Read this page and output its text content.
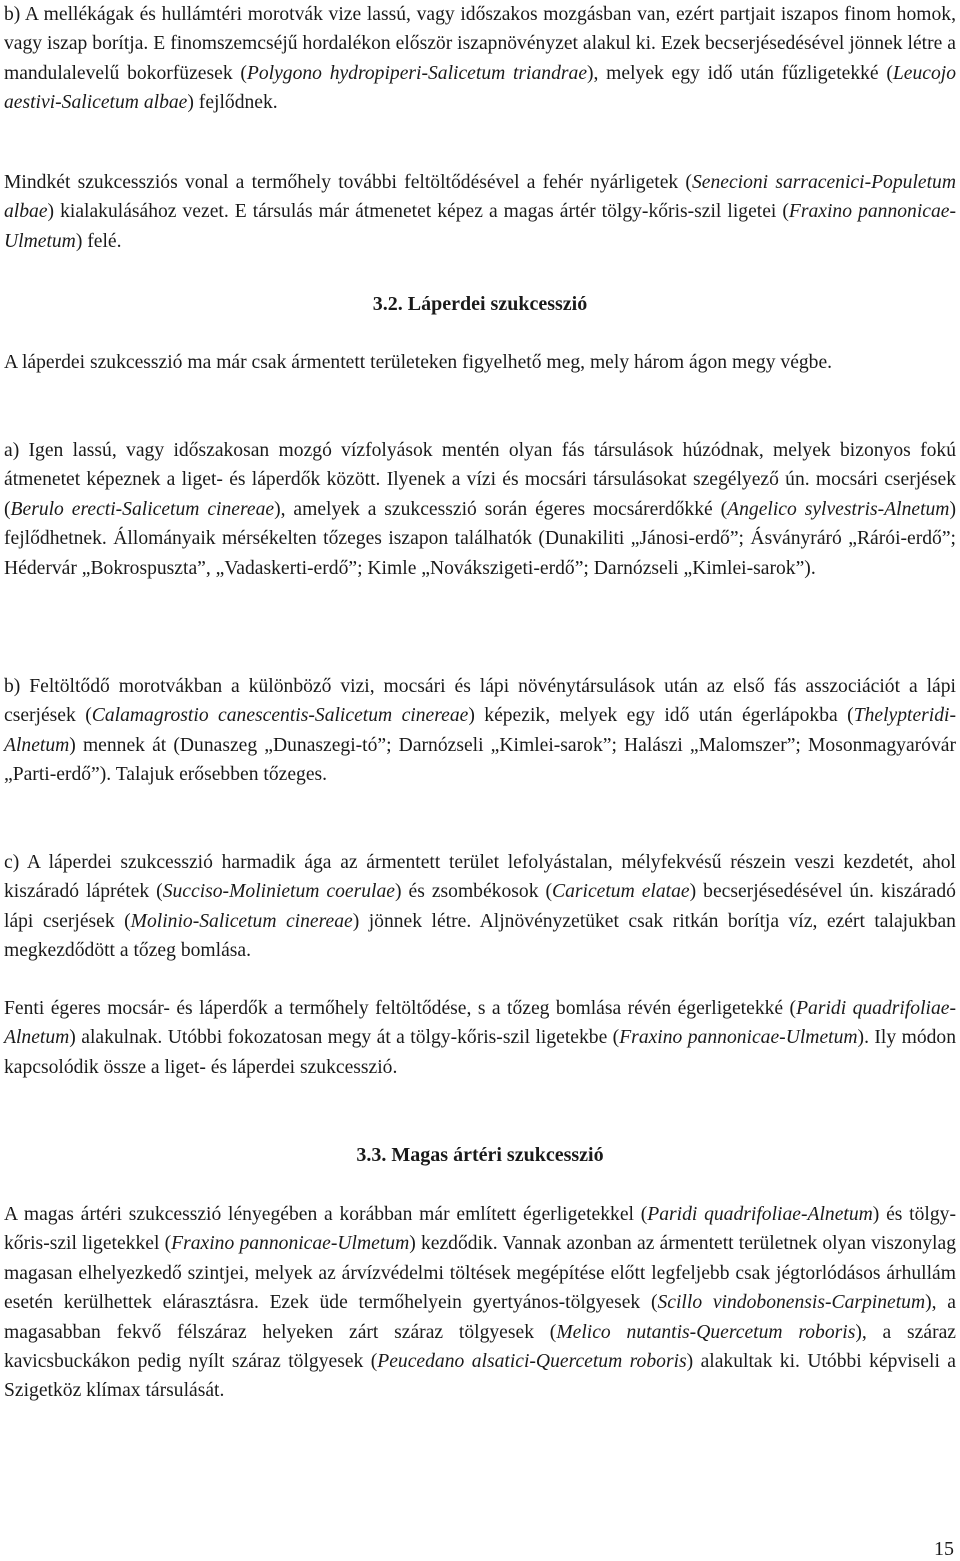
b) A mellékágak és hullámtéri morotvák vize lassú, vagy időszakos mozgásban van, ezért partjait iszapos finom homok, vagy iszap borítja. E finomszemcséjű hordalékon először iszapnövényzet alakul ki. Ezek becserjésedésével jönnek létre a mandulalevelű bokorfüzesek (Polygono hydropiperi-Salicetum triandrae), melyek egy idő után fűzligetekké (Leucojo aestivi-Salicetum albae) fejlődnek.

Mindkét szukcessziós vonal a termőhely további feltöltődésével a fehér nyárligetek (Senecioni sarracenici-Populetum albae) kialakulásához vezet. E társulás már átmenetet képez a magas ártér tölgy-kőris-szil ligetei (Fraxino pannonicae-Ulmetum) felé.

3.2. Láperdei szukcesszió

A láperdei szukcesszió ma már csak ármentett területeken figyelhető meg, mely három ágon megy végbe.

a) Igen lassú, vagy időszakosan mozgó vízfolyások mentén olyan fás társulások húzódnak, melyek bizonyos fokú átmenetet képeznek a liget- és láperdők között. Ilyenek a vízi és mocsári társulásokat szegélyező ún. mocsári cserjések (Berulo erecti-Salicetum cinereae), amelyek a szukcesszió során égeres mocsárerdőkké (Angelico sylvestris-Alnetum) fejlődhetnek. Állományaik mérsékelten tőzeges iszapon találhatók (Dunakiliti „Jánosi-erdő”; Ásványráró „Rárói-erdő”; Hédervár „Bokrospuszta”, „Vadaskerti-erdő”; Kimle „Novákszigeti-erdő”; Darnózseli „Kimlei-sarok”).

b) Feltöltődő morotvákban a különböző vizi, mocsári és lápi növénytársulások után az első fás asszociációt a lápi cserjések (Calamagrostio canescentis-Salicetum cinereae) képezik, melyek egy idő után égerlápokba (Thelypteridi-Alnetum) mennek át (Dunaszeg „Dunaszegi-tó”; Darnózseli „Kimlei-sarok”; Halászi „Malomszer”; Mosonmagyaróvár „Parti-erdő”). Talajuk erősebben tőzeges.

c) A láperdei szukcesszió harmadik ága az ármentett terület lefolyástalan, mélyfekvésű részein veszi kezdetét, ahol kiszáradó láprétek (Succiso-Molinietum coerulae) és zsombékosok (Caricetum elatae) becserjésedésével ún. kiszáradó lápi cserjések (Molinio-Salicetum cinereae) jönnek létre. Aljnövényzetüket csak ritkán borítja víz, ezért talajukban megkezdődött a tőzeg bomlása.

Fenti égeres mocsár- és láperdők a termőhely feltöltődése, s a tőzeg bomlása révén égerligetekké (Paridi quadrifoliae-Alnetum) alakulnak. Utóbbi fokozatosan megy át a tölgy-kőris-szil ligetekbe (Fraxino pannonicae-Ulmetum). Ily módon kapcsolódik össze a liget- és láperdei szukcesszió.

3.3. Magas ártéri szukcesszió

A magas ártéri szukcesszió lényegében a korábban már említett égerligetekkel (Paridi quadrifoliae-Alnetum) és tölgy-kőris-szil ligetekkel (Fraxino pannonicae-Ulmetum) kezdődik. Vannak azonban az ármentett területnek olyan viszonylag magasan elhelyezkedő szintjei, melyek az árvízvédelmi töltések megépítése előtt legfeljebb csak jégtorlódásos árhullám esetén kerülhettek elárasztásra. Ezek üde termőhelyein gyertyános-tölgyesek (Scillo vindobonensis-Carpinetum), a magasabban fekvő félszáraz helyeken zárt száraz tölgyesek (Melico nutantis-Quercetum roboris), a száraz kavicsbuckákon pedig nyílt száraz tölgyesek (Peucedano alsatici-Quercetum roboris) alakultak ki. Utóbbi képviseli a Szigetköz klímax társulását.

15
